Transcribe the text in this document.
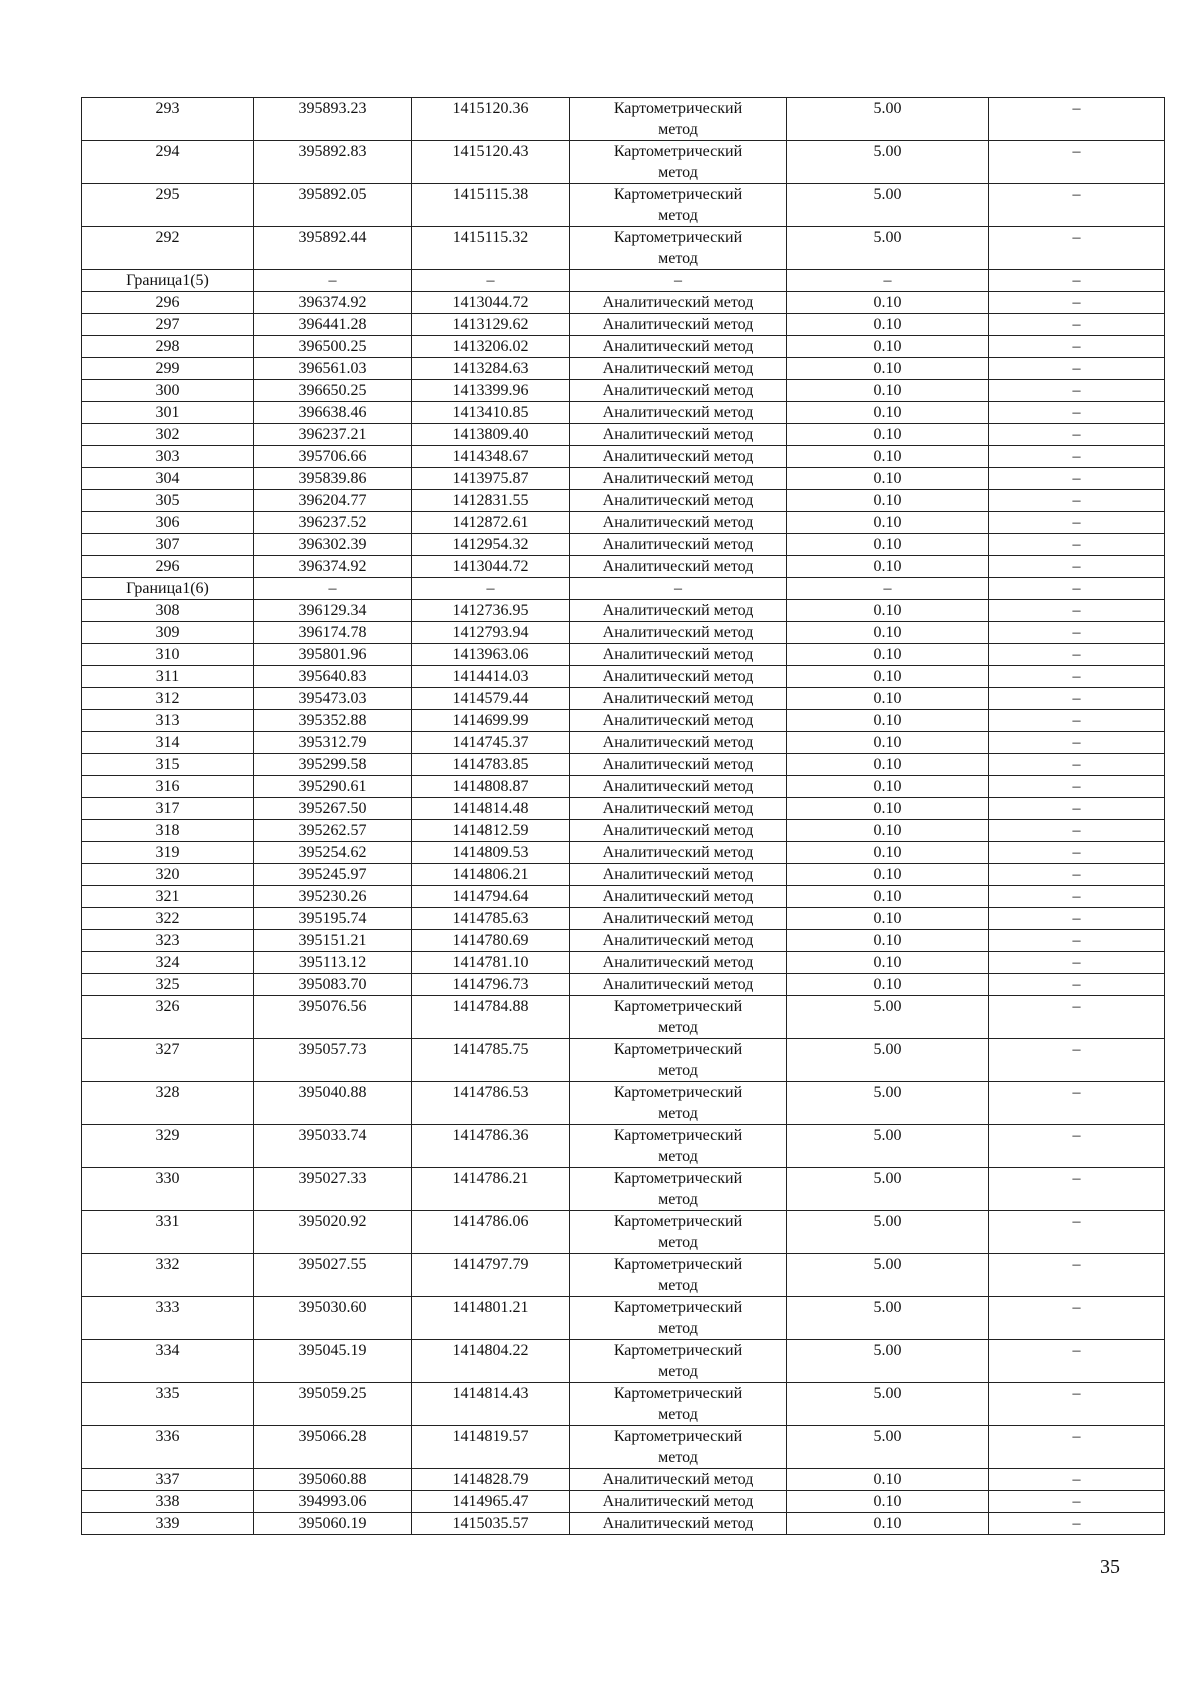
293	395893.23	1415120.36	Картометрический метод	5.00	–
294	395892.83	1415120.43	Картометрический метод	5.00	–
295	395892.05	1415115.38	Картометрический метод	5.00	–
292	395892.44	1415115.32	Картометрический метод	5.00	–
Граница1(5)	–	–	–	–	–
296	396374.92	1413044.72	Аналитический метод	0.10	–
297	396441.28	1413129.62	Аналитический метод	0.10	–
298	396500.25	1413206.02	Аналитический метод	0.10	–
299	396561.03	1413284.63	Аналитический метод	0.10	–
300	396650.25	1413399.96	Аналитический метод	0.10	–
301	396638.46	1413410.85	Аналитический метод	0.10	–
302	396237.21	1413809.40	Аналитический метод	0.10	–
303	395706.66	1414348.67	Аналитический метод	0.10	–
304	395839.86	1413975.87	Аналитический метод	0.10	–
305	396204.77	1412831.55	Аналитический метод	0.10	–
306	396237.52	1412872.61	Аналитический метод	0.10	–
307	396302.39	1412954.32	Аналитический метод	0.10	–
296	396374.92	1413044.72	Аналитический метод	0.10	–
Граница1(6)	–	–	–	–	–
308	396129.34	1412736.95	Аналитический метод	0.10	–
309	396174.78	1412793.94	Аналитический метод	0.10	–
310	395801.96	1413963.06	Аналитический метод	0.10	–
311	395640.83	1414414.03	Аналитический метод	0.10	–
312	395473.03	1414579.44	Аналитический метод	0.10	–
313	395352.88	1414699.99	Аналитический метод	0.10	–
314	395312.79	1414745.37	Аналитический метод	0.10	–
315	395299.58	1414783.85	Аналитический метод	0.10	–
316	395290.61	1414808.87	Аналитический метод	0.10	–
317	395267.50	1414814.48	Аналитический метод	0.10	–
318	395262.57	1414812.59	Аналитический метод	0.10	–
319	395254.62	1414809.53	Аналитический метод	0.10	–
320	395245.97	1414806.21	Аналитический метод	0.10	–
321	395230.26	1414794.64	Аналитический метод	0.10	–
322	395195.74	1414785.63	Аналитический метод	0.10	–
323	395151.21	1414780.69	Аналитический метод	0.10	–
324	395113.12	1414781.10	Аналитический метод	0.10	–
325	395083.70	1414796.73	Аналитический метод	0.10	–
326	395076.56	1414784.88	Картометрический метод	5.00	–
327	395057.73	1414785.75	Картометрический метод	5.00	–
328	395040.88	1414786.53	Картометрический метод	5.00	–
329	395033.74	1414786.36	Картометрический метод	5.00	–
330	395027.33	1414786.21	Картометрический метод	5.00	–
331	395020.92	1414786.06	Картометрический метод	5.00	–
332	395027.55	1414797.79	Картометрический метод	5.00	–
333	395030.60	1414801.21	Картометрический метод	5.00	–
334	395045.19	1414804.22	Картометрический метод	5.00	–
335	395059.25	1414814.43	Картометрический метод	5.00	–
336	395066.28	1414819.57	Картометрический метод	5.00	–
337	395060.88	1414828.79	Аналитический метод	0.10	–
338	394993.06	1414965.47	Аналитический метод	0.10	–
339	395060.19	1415035.57	Аналитический метод	0.10	–
35
